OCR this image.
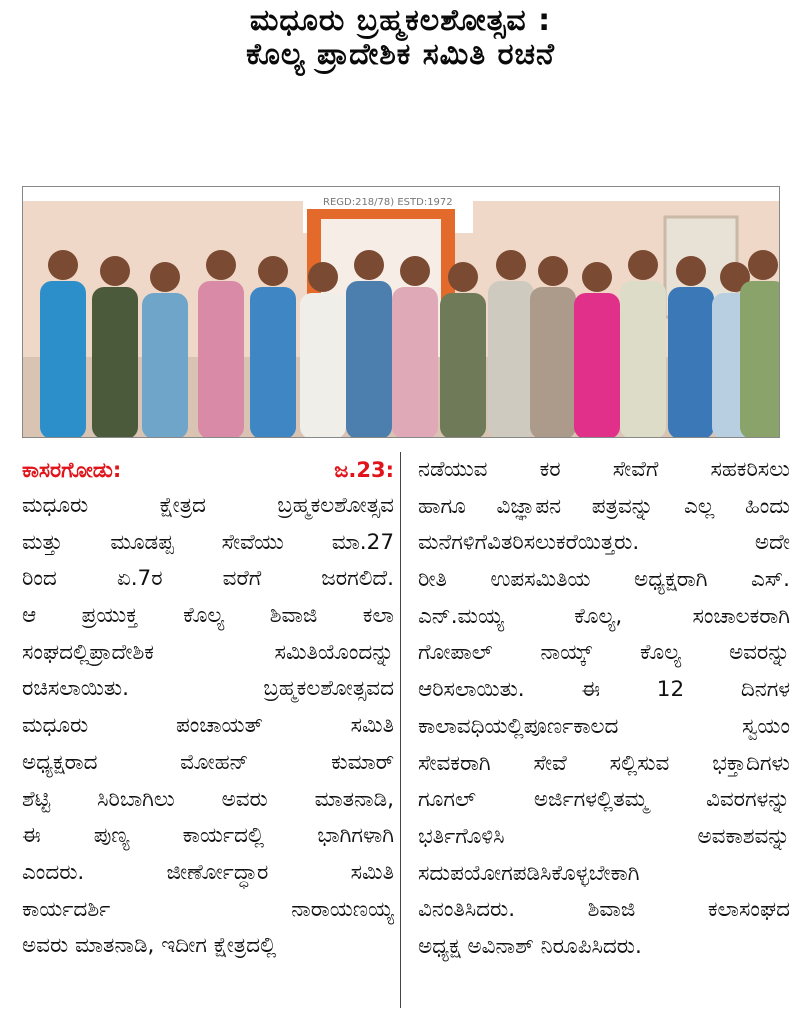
ಮಧೂರು ಬ್ರಹ್ಮಕಲಶೋತ್ಸವ :
ಕೊಲ್ಯ ಪ್ರಾದೇಶಿಕ ಸಮಿತಿ ರಚನೆ
REGD:218/78) ESTD:1972
ಕಾಸರಗೋಡು:	ಜ.23:
ಮಧೂರು ಕ್ಷೇತ್ರದ ಬ್ರಹ್ಮಕಲಶೋತ್ಸವ
ಮತ್ತು ಮೂಡಪ್ಪ ಸೇವೆಯು ಮಾ.27
ರಿಂದ ಏ.7ರ ವರೆಗೆ ಜರಗಲಿದೆ.
ಆ ಪ್ರಯುಕ್ತ ಕೊಲ್ಯ ಶಿವಾಜಿ ಕಲಾ
ಸಂಘದಲ್ಲಿಪ್ರಾದೇಶಿಕ ಸಮಿತಿಯೊಂದನ್ನು
ರಚಿಸಲಾಯಿತು. ಬ್ರಹ್ಮಕಲಶೋತ್ಸವದ
ಮಧೂರು ಪಂಚಾಯತ್ ಸಮಿತಿ
ಅಧ್ಯಕ್ಷರಾದ ಮೋಹನ್ ಕುಮಾರ್
ಶೆಟ್ಟಿ ಸಿರಿಬಾಗಿಲು ಅವರು ಮಾತನಾಡಿ,
ಈ ಪುಣ್ಯ ಕಾರ್ಯದಲ್ಲಿ ಭಾಗಿಗಳಾಗಿ
ಎಂದರು. ಜೀರ್ಣೋದ್ಧಾರ ಸಮಿತಿ
ಕಾರ್ಯದರ್ಶಿ ನಾರಾಯಣಯ್ಯ
ಅವರು ಮಾತನಾಡಿ, ಇದೀಗ ಕ್ಷೇತ್ರದಲ್ಲಿ
ನಡೆಯುವ ಕರ ಸೇವೆಗೆ ಸಹಕರಿಸಲು
ಹಾಗೂ ವಿಜ್ಞಾಪನ ಪತ್ರವನ್ನು ಎಲ್ಲ ಹಿಂದು
ಮನೆಗಳಿಗೆವಿತರಿಸಲುಕರೆಯಿತ್ತರು. ಅದೇ
ರೀತಿ ಉಪಸಮಿತಿಯ ಅಧ್ಯಕ್ಷರಾಗಿ ಎಸ್.
ಎನ್.ಮಯ್ಯ ಕೊಲ್ಯ, ಸಂಚಾಲಕರಾಗಿ
ಗೋಪಾಲ್ ನಾಯ್ಕ್ ಕೊಲ್ಯ ಅವರನ್ನು
ಆರಿಸಲಾಯಿತು. ಈ 12 ದಿನಗಳ
ಕಾಲಾವಧಿಯಲ್ಲಿಪೂರ್ಣಕಾಲದ ಸ್ವಯಂ
ಸೇವಕರಾಗಿ ಸೇವೆ ಸಲ್ಲಿಸುವ ಭಕ್ತಾದಿಗಳು
ಗೂಗಲ್ ಅರ್ಜಿಗಳಲ್ಲಿತಮ್ಮ ವಿವರಗಳನ್ನು
ಭರ್ತಿಗೊಳಿಸಿ ಅವಕಾಶವನ್ನು
ಸದುಪಯೋಗಪಡಿಸಿಕೊಳ್ಳಬೇಕಾಗಿ
ವಿನಂತಿಸಿದರು. ಶಿವಾಜಿ ಕಲಾಸಂಘದ
ಅಧ್ಯಕ್ಷ ಅವಿನಾಶ್ ನಿರೂಪಿಸಿದರು.
